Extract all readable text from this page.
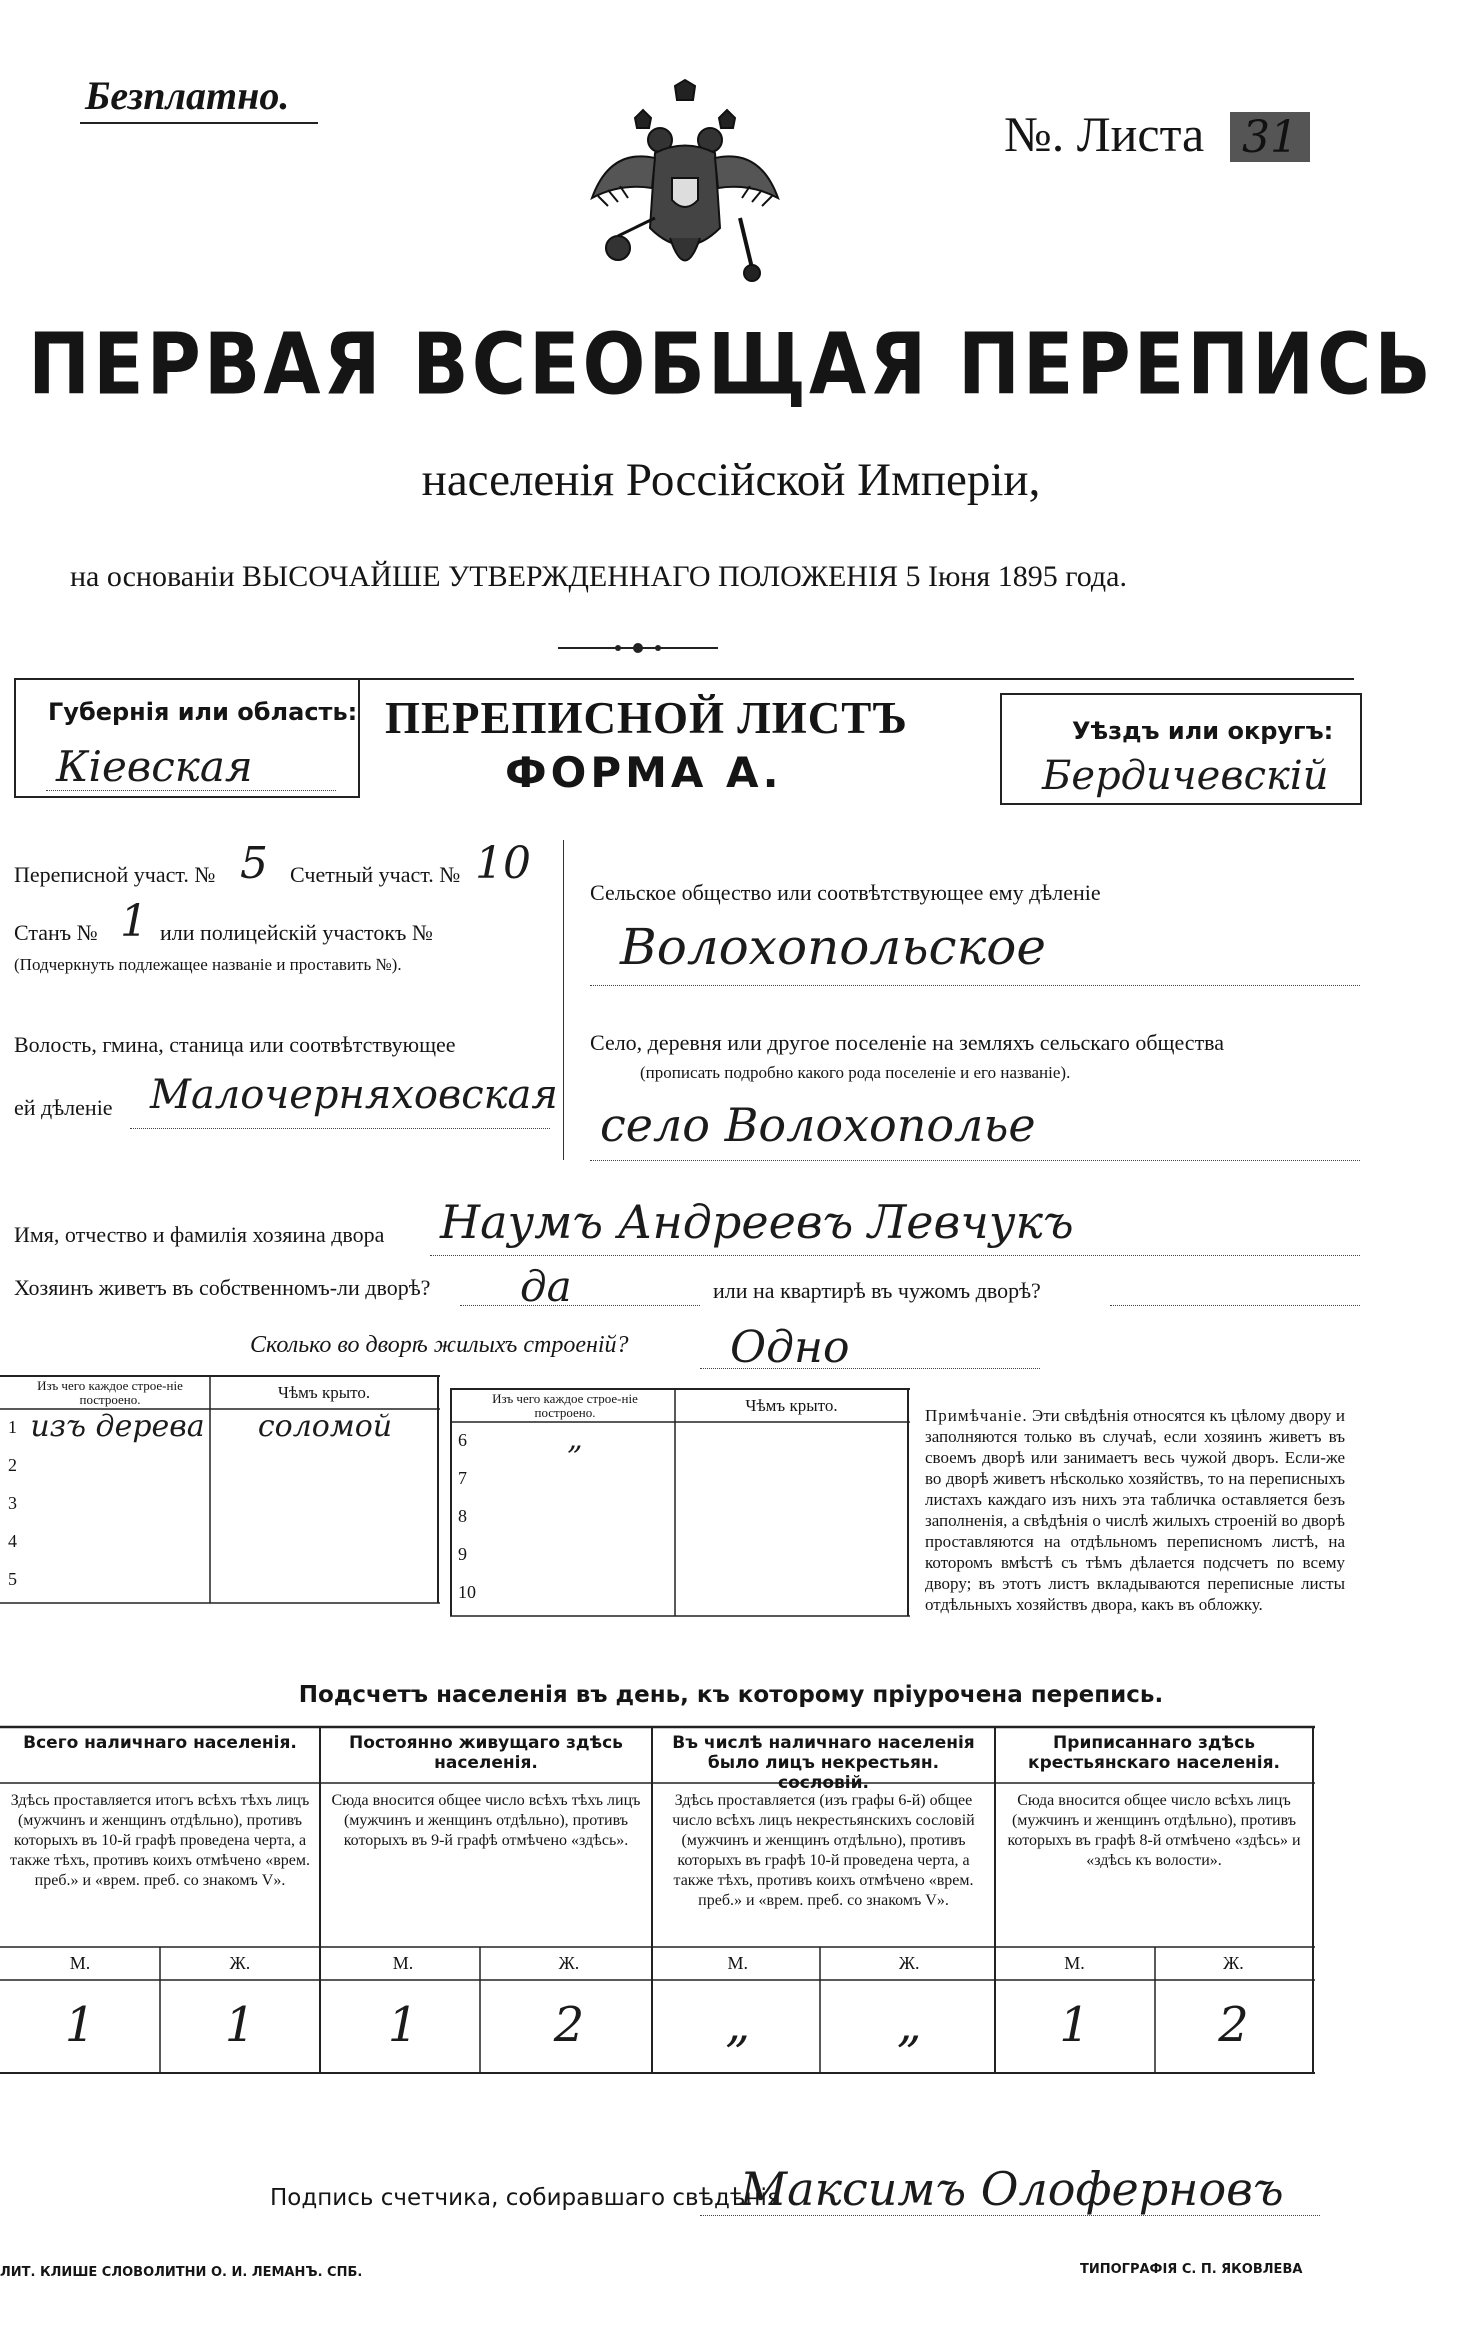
Безплатно.
№. Листа 31
ПЕРВАЯ ВСЕОБЩАЯ ПЕРЕПИСЬ
населенія Россійской Имперіи,
на основаніи ВЫСОЧАЙШЕ УТВЕРЖДЕННАГО ПОЛОЖЕНІЯ 5 Іюня 1895 года.
Губернія или область:
Кіевская
ПЕРЕПИСНОЙ ЛИСТЪ
ФОРМА А.
Уѣздъ или округъ:
Бердичевскій
Переписной участ. № 5 Счетный участ. № 10
Станъ № 1 или полицейскій участокъ №
(Подчеркнуть подлежащее названіе и проставить №).
Волость, гмина, станица или соотвѣтствующее
ей дѣленіе Малочерняховская
Сельское общество или соотвѣтствующее ему дѣленіе
Волохопольское
Село, деревня или другое поселеніе на земляхъ сельскаго общества
(прописать подробно какого рода поселеніе и его названіе).
село Волохополье
Имя, отчество и фамилія хозяина двора Наумъ Андреевъ Левчукъ
Хозяинъ живетъ въ собственномъ-ли дворѣ? да	или на квартирѣ въ чужомъ дворѣ?
Сколько во дворѣ жилыхъ строеній? Одно
Изъ чего каждое строе-ніе построено.	Чѣмъ крыто.
1 изъ дерева	соломой
2
3
4
5
Изъ чего каждое строе-ніе построено.	Чѣмъ крыто.
6	„
7
8
9
10
Примѣчаніе. Эти свѣдѣнія относятся къ цѣлому двору и заполняются только въ случаѣ, если хозяинъ живетъ въ своемъ дворѣ или занимаетъ весь чужой дворъ. Если-же во дворѣ живетъ нѣсколько хозяйствъ, то на переписныхъ листахъ каждаго изъ нихъ эта табличка оставляется безъ заполненія, а свѣдѣнія о числѣ жилыхъ строеній во дворѣ проставляются на отдѣльномъ переписномъ листѣ, на которомъ вмѣстѣ съ тѣмъ дѣлается подсчетъ по всему двору; въ этотъ листъ вкладываются переписные листы отдѣльныхъ хозяйствъ двора, какъ въ обложку.
Подсчетъ населенія въ день, къ которому пріурочена перепись.
Всего наличнаго населенія.
Здѣсь проставляется итогъ всѣхъ тѣхъ лицъ (мужчинъ и женщинъ отдѣльно), противъ которыхъ въ 10-й графѣ проведена черта, а также тѣхъ, противъ коихъ отмѣчено «врем. преб.» и «врем. преб. со знакомъ V».
М.	Ж.
1	1
Постоянно живущаго здѣсь населенія.
Сюда вносится общее число всѣхъ тѣхъ лицъ (мужчинъ и женщинъ отдѣльно), противъ которыхъ въ 9-й графѣ отмѣчено «здѣсь».
М.	Ж.
1	2
Въ числѣ наличнаго населенія было лицъ некрестьян. сословій.
Здѣсь проставляется (изъ графы 6-й) общее число всѣхъ лицъ некрестьянскихъ сословій (мужчинъ и женщинъ отдѣльно), противъ которыхъ въ графѣ 10-й проведена черта, а также тѣхъ, противъ коихъ отмѣчено «врем. преб.» и «врем. преб. со знакомъ V».
М.	Ж.
„	„
Приписаннаго здѣсь крестьянскаго населенія.
Сюда вносится общее число всѣхъ лицъ (мужчинъ и женщинъ отдѣльно), противъ которыхъ въ графѣ 8-й отмѣчено «здѣсь» и «здѣсь къ волости».
М.	Ж.
1	2
Подпись счетчика, собиравшаго свѣдѣнія
Максимъ Олоферновъ
ЛИТ. КЛИШЕ СЛОВОЛИТНИ О. И. ЛЕМАНЪ. СПБ.	ТИПОГРАФІЯ С. П. ЯКОВЛЕВА
